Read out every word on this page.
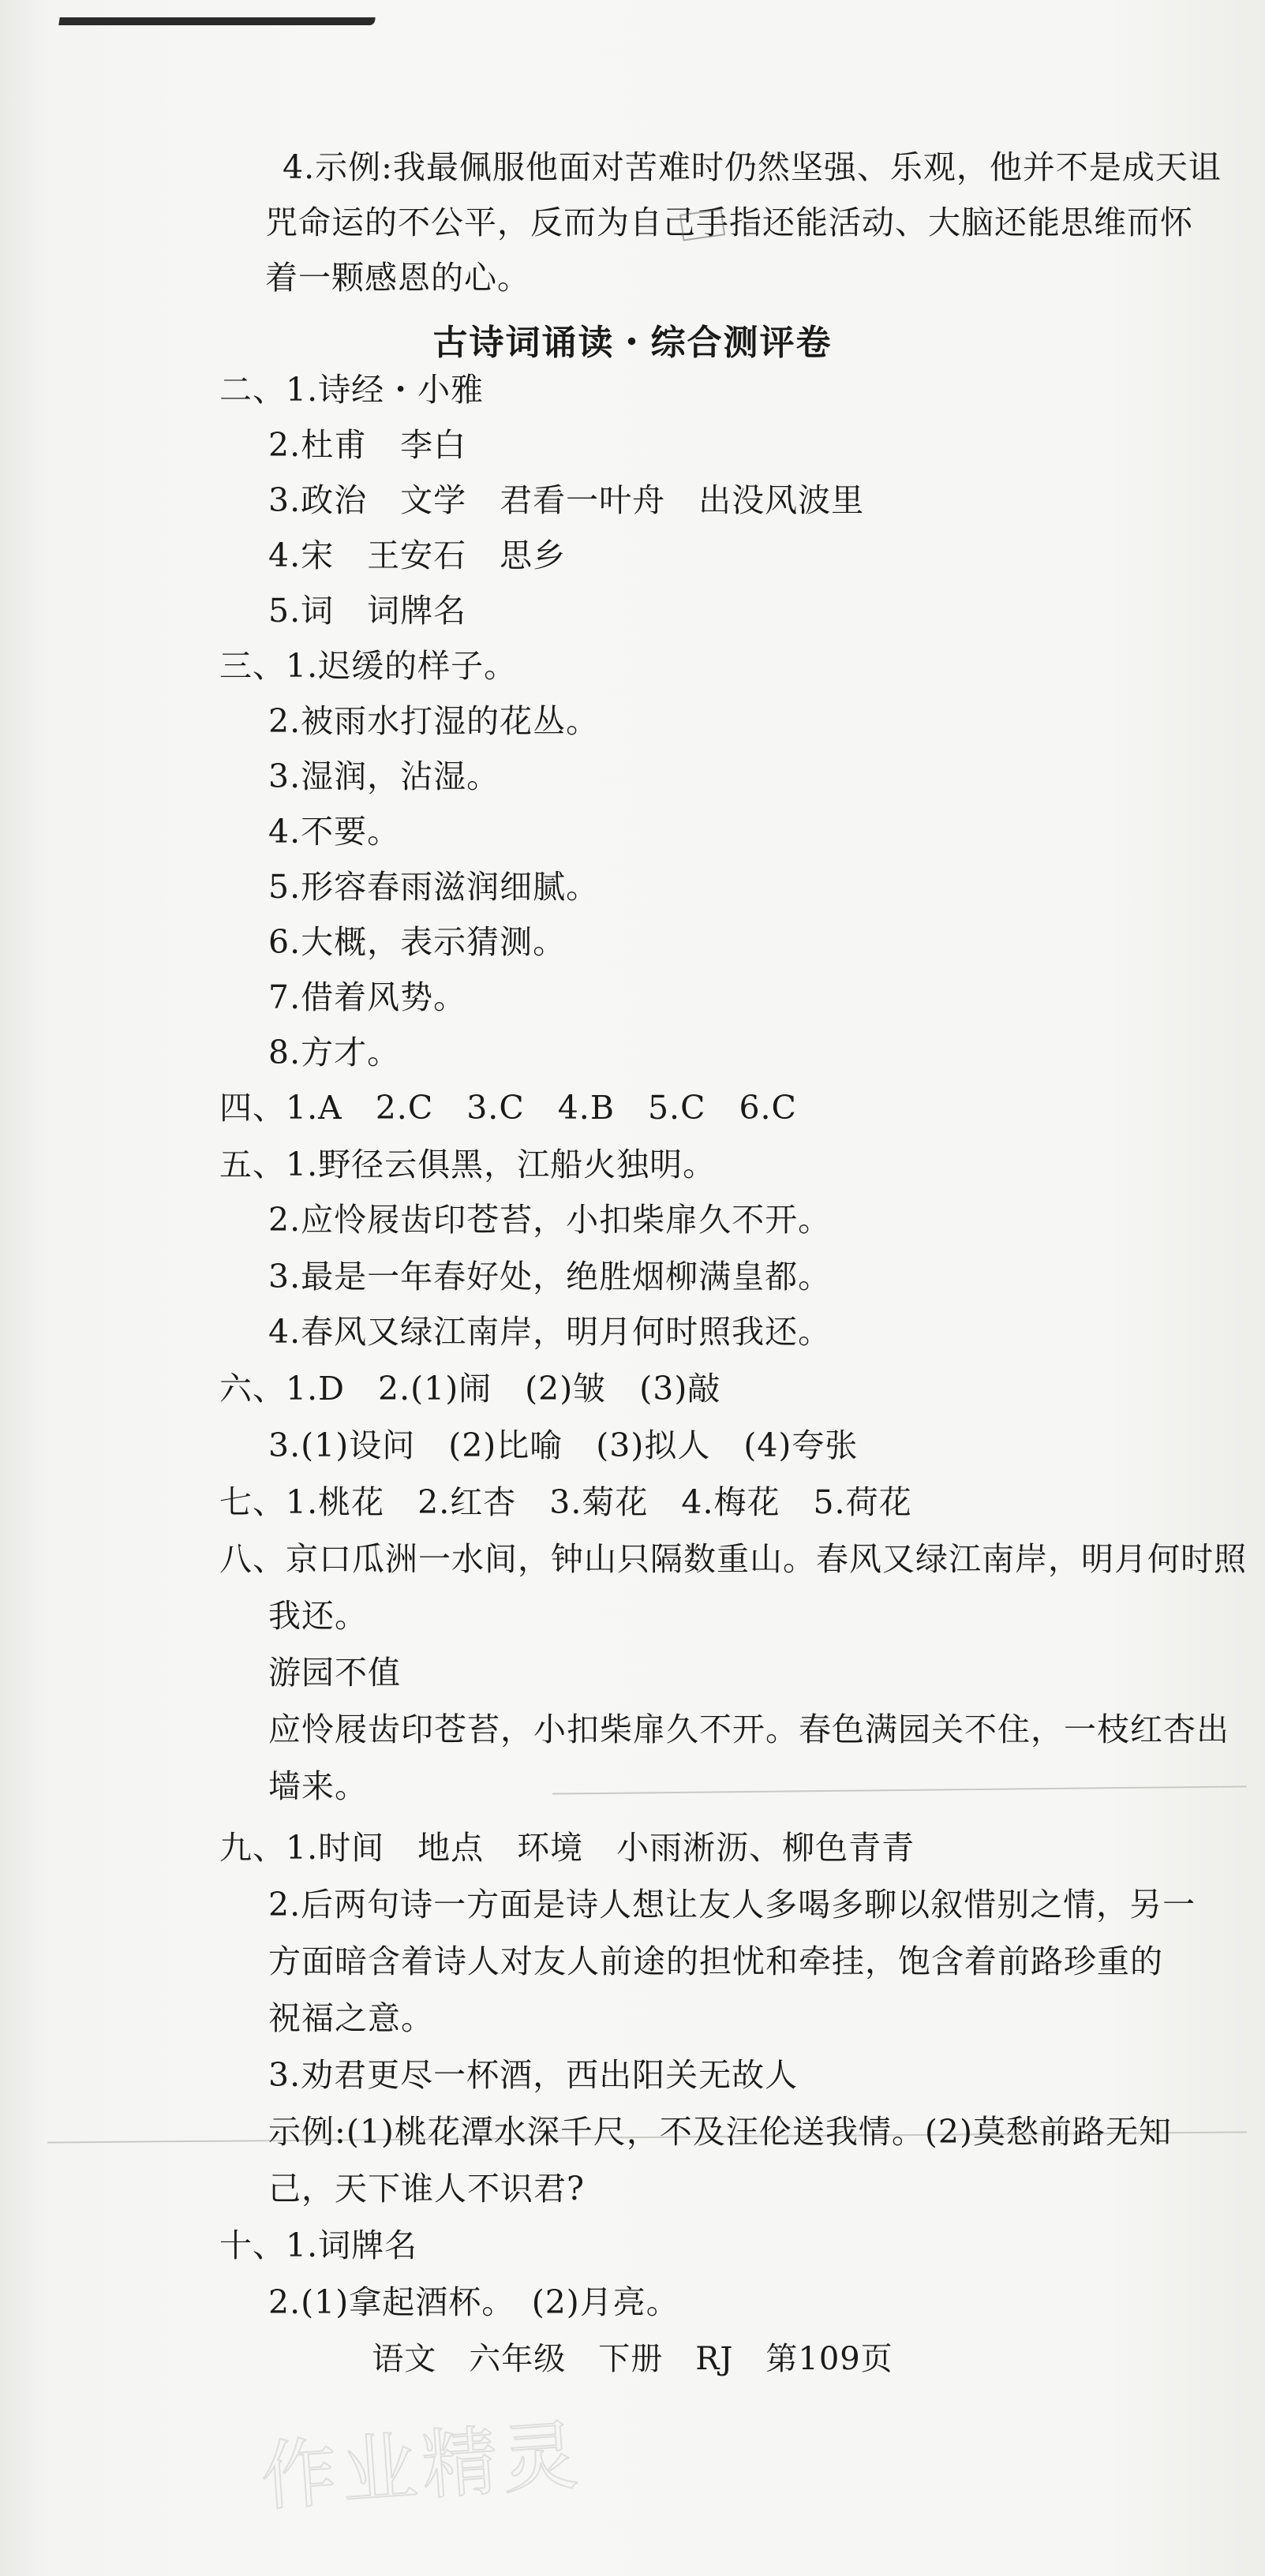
4.示例:我最佩服他面对苦难时仍然坚强、乐观，他并不是成天诅
咒命运的不公平，反而为自己手指还能活动、大脑还能思维而怀
着一颗感恩的心。
古诗词诵读・综合测评卷
二、1.诗经・小雅
2.杜甫　李白
3.政治　文学　君看一叶舟　出没风波里
4.宋　王安石　思乡
5.词　词牌名
三、1.迟缓的样子。
2.被雨水打湿的花丛。
3.湿润，沾湿。
4.不要。
5.形容春雨滋润细腻。
6.大概，表示猜测。
7.借着风势。
8.方才。
四、1.A　2.C　3.C　4.B　5.C　6.C
五、1.野径云俱黑，江船火独明。
2.应怜屐齿印苍苔，小扣柴扉久不开。
3.最是一年春好处，绝胜烟柳满皇都。
4.春风又绿江南岸，明月何时照我还。
六、1.D　2.(1)闹　(2)皱　(3)敲
3.(1)设问　(2)比喻　(3)拟人　(4)夸张
七、1.桃花　2.红杏　3.菊花　4.梅花　5.荷花
八、京口瓜洲一水间，钟山只隔数重山。春风又绿江南岸，明月何时照
我还。
游园不值
应怜屐齿印苍苔，小扣柴扉久不开。春色满园关不住，一枝红杏出
墙来。
九、1.时间　地点　环境　小雨淅沥、柳色青青
2.后两句诗一方面是诗人想让友人多喝多聊以叙惜别之情，另一
方面暗含着诗人对友人前途的担忧和牵挂，饱含着前路珍重的
祝福之意。
3.劝君更尽一杯酒，西出阳关无故人
示例:(1)桃花潭水深千尺，不及汪伦送我情。(2)莫愁前路无知
己，天下谁人不识君?
十、1.词牌名
2.(1)拿起酒杯。　(2)月亮。
语文　六年级　下册　RJ　第109页
作业精灵
